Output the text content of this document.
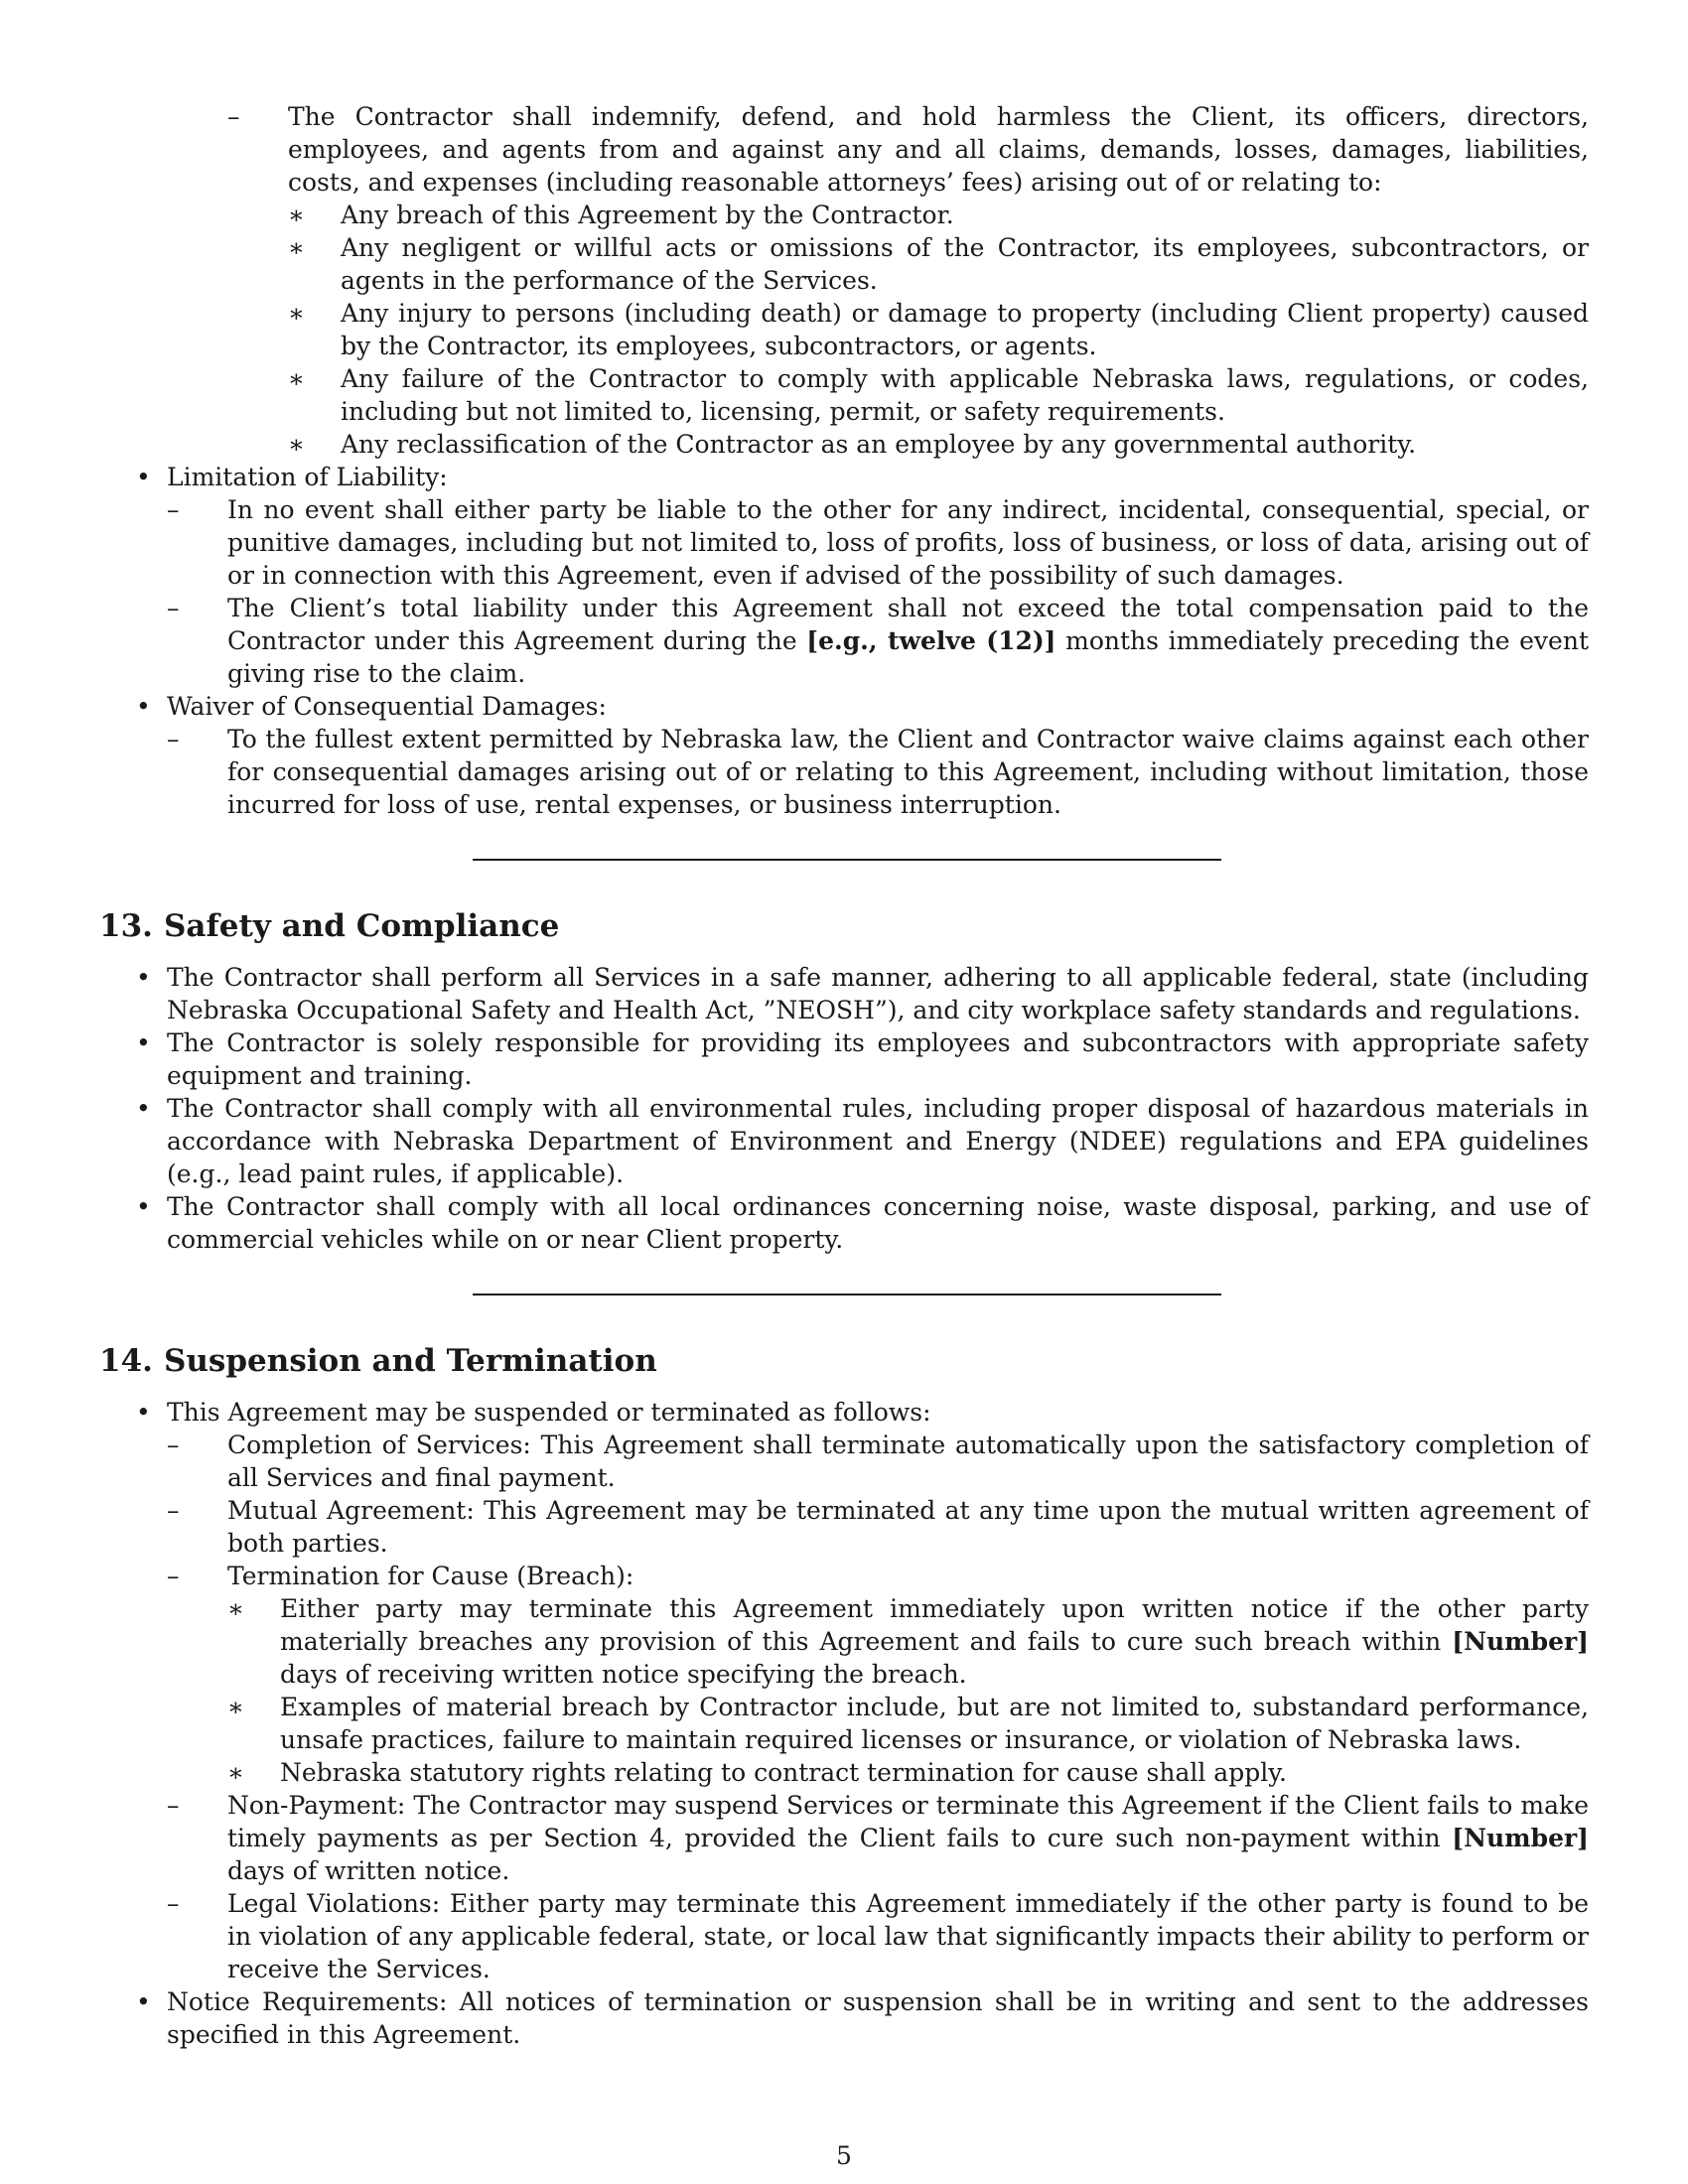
– The Contractor shall indemnify, defend, and hold harmless the Client, its officers, directors, employees, and agents from and against any and all claims, demands, losses, damages, liabilities, costs, and expenses (including reasonable attorneys’ fees) arising out of or relating to:
∗ Any breach of this Agreement by the Contractor.
∗ Any negligent or willful acts or omissions of the Contractor, its employees, subcontractors, or agents in the performance of the Services.
∗ Any injury to persons (including death) or damage to property (including Client property) caused by the Contractor, its employees, subcontractors, or agents.
∗ Any failure of the Contractor to comply with applicable Nebraska laws, regulations, or codes, including but not limited to, licensing, permit, or safety requirements.
∗ Any reclassification of the Contractor as an employee by any governmental authority.
• Limitation of Liability:
– In no event shall either party be liable to the other for any indirect, incidental, consequential, special, or punitive damages, including but not limited to, loss of profits, loss of business, or loss of data, arising out of or in connection with this Agreement, even if advised of the possibility of such damages.
– The Client’s total liability under this Agreement shall not exceed the total compensation paid to the Contractor under this Agreement during the [e.g., twelve (12)] months immediately preceding the event giving rise to the claim.
• Waiver of Consequential Damages:
– To the fullest extent permitted by Nebraska law, the Client and Contractor waive claims against each other for consequential damages arising out of or relating to this Agreement, including without limitation, those incurred for loss of use, rental expenses, or business interruption.
13. Safety and Compliance
• The Contractor shall perform all Services in a safe manner, adhering to all applicable federal, state (including Nebraska Occupational Safety and Health Act, ”NEOSH”), and city workplace safety standards and regulations.
• The Contractor is solely responsible for providing its employees and subcontractors with appropriate safety equipment and training.
• The Contractor shall comply with all environmental rules, including proper disposal of hazardous materials in accordance with Nebraska Department of Environment and Energy (NDEE) regulations and EPA guidelines (e.g., lead paint rules, if applicable).
• The Contractor shall comply with all local ordinances concerning noise, waste disposal, parking, and use of commercial vehicles while on or near Client property.
14. Suspension and Termination
• This Agreement may be suspended or terminated as follows:
– Completion of Services: This Agreement shall terminate automatically upon the satisfactory completion of all Services and final payment.
– Mutual Agreement: This Agreement may be terminated at any time upon the mutual written agreement of both parties.
– Termination for Cause (Breach):
∗ Either party may terminate this Agreement immediately upon written notice if the other party materially breaches any provision of this Agreement and fails to cure such breach within [Number] days of receiving written notice specifying the breach.
∗ Examples of material breach by Contractor include, but are not limited to, substandard performance, unsafe practices, failure to maintain required licenses or insurance, or violation of Nebraska laws.
∗ Nebraska statutory rights relating to contract termination for cause shall apply.
– Non-Payment: The Contractor may suspend Services or terminate this Agreement if the Client fails to make timely payments as per Section 4, provided the Client fails to cure such non-payment within [Number] days of written notice.
– Legal Violations: Either party may terminate this Agreement immediately if the other party is found to be in violation of any applicable federal, state, or local law that significantly impacts their ability to perform or receive the Services.
• Notice Requirements: All notices of termination or suspension shall be in writing and sent to the addresses specified in this Agreement.
5
